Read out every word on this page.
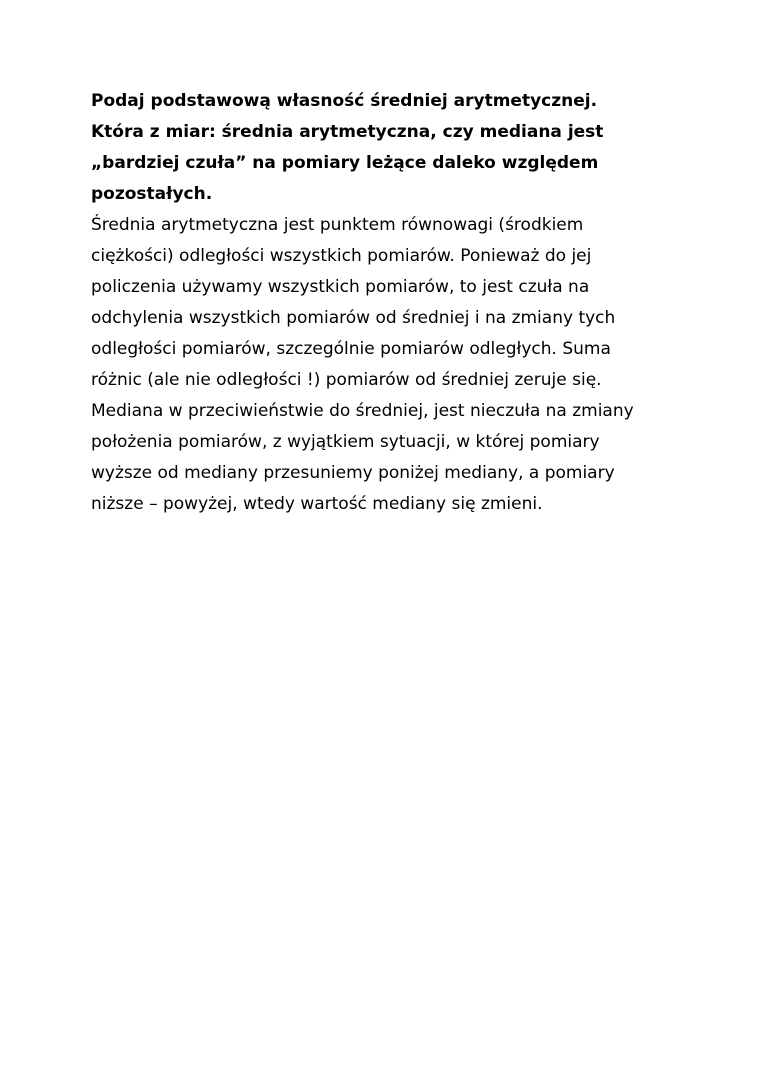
Podaj podstawową własność średniej arytmetycznej.
Która z miar: średnia arytmetyczna, czy mediana jest
„bardziej czuła” na pomiary leżące daleko względem
pozostałych.

Średnia arytmetyczna jest punktem równowagi (środkiem
ciężkości) odległości wszystkich pomiarów. Ponieważ do jej
policzenia używamy wszystkich pomiarów, to jest czuła na
odchylenia wszystkich pomiarów od średniej i na zmiany tych
odległości pomiarów, szczególnie pomiarów odległych. Suma
różnic (ale nie odległości !) pomiarów od średniej zeruje się.
Mediana w przeciwieństwie do średniej, jest nieczuła na zmiany
położenia pomiarów, z wyjątkiem sytuacji, w której pomiary
wyższe od mediany przesuniemy poniżej mediany, a pomiary
niższe – powyżej, wtedy wartość mediany się zmieni.
